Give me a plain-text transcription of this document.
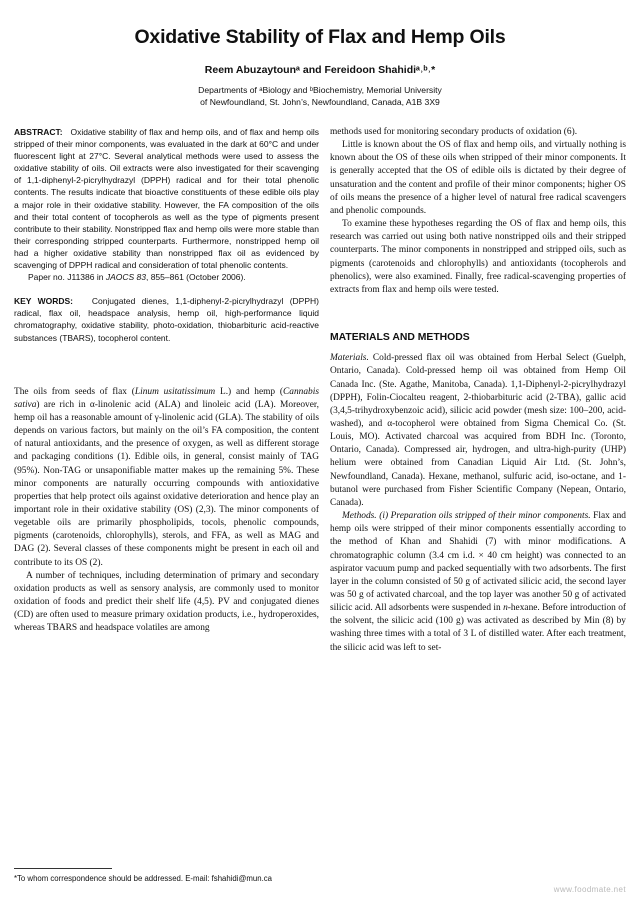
Oxidative Stability of Flax and Hemp Oils
Reem Abuzaytounᵃ and Fereidoon Shahidiᵃ˒ᵇ˒*
Departments of ᵃBiology and ᵇBiochemistry, Memorial University
of Newfoundland, St. John’s, Newfoundland, Canada, A1B 3X9

ABSTRACT: Oxidative stability of flax and hemp oils, and of flax and hemp oils stripped of their minor components, was evaluated in the dark at 60°C and under fluorescent light at 27°C. Several analytical methods were used to assess the oxidative stability of oils. Oil extracts were also investigated for their scavenging of 1,1-diphenyl-2-picrylhydrazyl (DPPH) radical and for their total phenolic contents. The results indicate that bioactive constituents of these edible oils play a major role in their oxidative stability. However, the FA composition of the oils and their total content of tocopherols as well as the type of pigments present contribute to their stability. Nonstripped flax and hemp oils were more stable than their corresponding stripped counterparts. Furthermore, nonstripped hemp oil had a higher oxidative stability than nonstripped flax oil as evidenced by scavenging of DPPH radical and consideration of total phenolic contents.

Paper no. J11386 in JAOCS 83, 855–861 (October 2006).

KEY WORDS: Conjugated dienes, 1,1-diphenyl-2-picrylhydrazyl (DPPH) radical, flax oil, headspace analysis, hemp oil, high-performance liquid chromatography, oxidative stability, photo-oxidation, thiobarbituric acid-reactive substances (TBARS), tocopherol content.

The oils from seeds of flax (Linum usitatissimum L.) and hemp (Cannabis sativa) are rich in α-linolenic acid (ALA) and linoleic acid (LA). Moreover, hemp oil has a reasonable amount of γ-linolenic acid (GLA). The stability of oils depends on various factors, but mainly on the oil’s FA composition, the content of natural antioxidants, and the presence of oxygen, as well as different storage and packaging conditions (1). Edible oils, in general, consist mainly of TAG (95%). Non-TAG or unsaponifiable matter makes up the remaining 5%. These minor components are naturally occurring compounds with antioxidative properties that help protect oils against oxidative deterioration and hence play an important role in their oxidative stability (OS) (2,3). The minor components of vegetable oils are primarily phospholipids, tocols, phenolic compounds, pigments (carotenoids, chlorophylls), sterols, and FFA, as well as MAG and DAG (2). Several classes of these components might be present in each oil and contribute to its OS (2).

A number of techniques, including determination of primary and secondary oxidation products as well as sensory analysis, are commonly used to monitor oxidation of foods and predict their shelf life (4,5). PV and conjugated dienes (CD) are often used to measure primary oxidation products, i.e., hydroperoxides, whereas TBARS and headspace volatiles are among

methods used for monitoring secondary products of oxidation (6).

Little is known about the OS of flax and hemp oils, and virtually nothing is known about the OS of these oils when stripped of their minor components. It is generally accepted that the OS of edible oils is dictated by their degree of unsaturation and the content and profile of their minor components; higher OS of oils means the presence of a higher level of natural free radical scavengers and phenolic compounds.

To examine these hypotheses regarding the OS of flax and hemp oils, this research was carried out using both native nonstripped oils and their stripped counterparts. The minor components in nonstripped and stripped oils, such as pigments (carotenoids and chlorophylls) and antioxidants (tocopherols and phenolics), were also examined. Finally, free radical-scavenging properties of extracts from flax and hemp oils were tested.

MATERIALS AND METHODS

Materials. Cold-pressed flax oil was obtained from Herbal Select (Guelph, Ontario, Canada). Cold-pressed hemp oil was obtained from Hemp Oil Canada Inc. (Ste. Agathe, Manitoba, Canada). 1,1-Diphenyl-2-picrylhydrazyl (DPPH), Folin-Ciocalteu reagent, 2-thiobarbituric acid (2-TBA), gallic acid (3,4,5-trihydroxybenzoic acid), silicic acid powder (mesh size: 100–200, acid-washed), and α-tocopherol were obtained from Sigma Chemical Co. (St. Louis, MO). Activated charcoal was acquired from BDH Inc. (Toronto, Ontario, Canada). Compressed air, hydrogen, and ultra-high-purity (UHP) helium were obtained from Canadian Liquid Air Ltd. (St. John’s, Newfoundland, Canada). Hexane, methanol, sulfuric acid, iso-octane, and 1-butanol were purchased from Fisher Scientific Company (Nepean, Ontario, Canada).

Methods. (i) Preparation oils stripped of their minor components. Flax and hemp oils were stripped of their minor components essentially according to the method of Khan and Shahidi (7) with minor modifications. A chromatographic column (3.4 cm i.d. × 40 cm height) was connected to an aspirator vacuum pump and packed sequentially with two adsorbents. The first layer in the column consisted of 50 g of activated silicic acid, the second layer was 50 g of activated charcoal, and the top layer was another 50 g of activated silicic acid. All adsorbents were suspended in n-hexane. Before introduction of the solvent, the silicic acid (100 g) was activated as described by Min (8) by washing three times with a total of 3 L of distilled water. After each treatment, the silicic acid was left to set-

*To whom correspondence should be addressed. E-mail: fshahidi@mun.ca
www.foodmate.net
